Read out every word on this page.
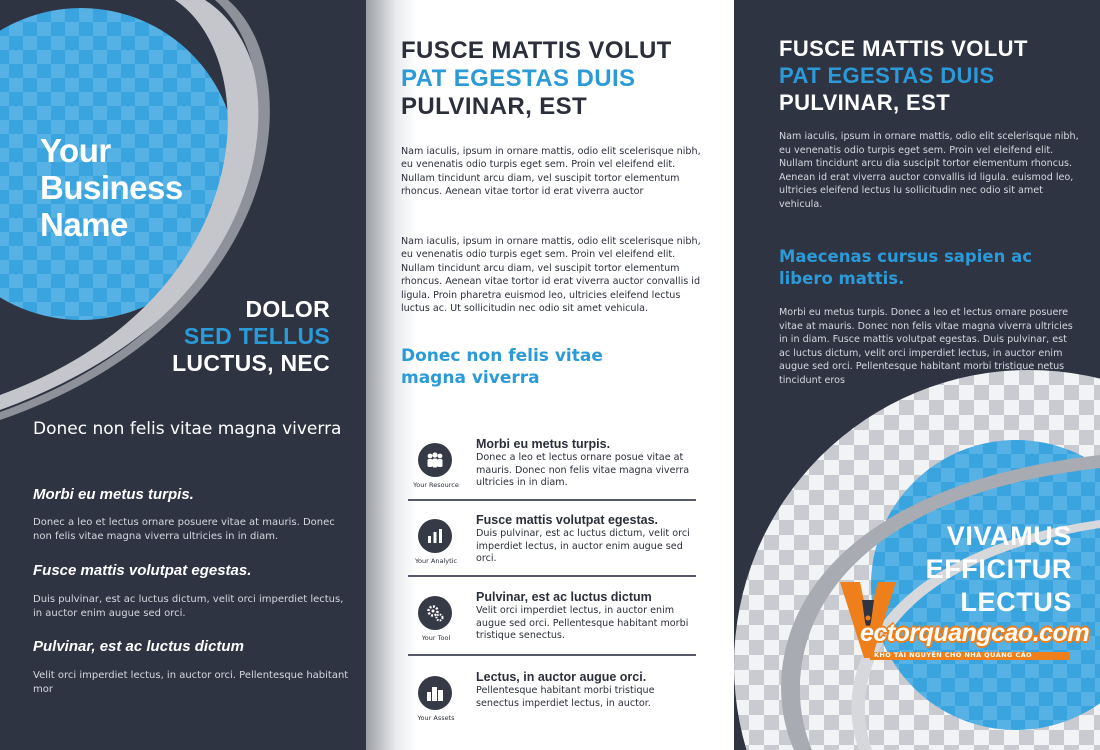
Your
Business
Name
DOLOR
SED TELLUS
LUCTUS, NEC
Donec non felis vitae magna viverra
Morbi eu metus turpis.
Donec a leo et lectus ornare posuere vitae at mauris. Donec non felis vitae magna viverra ultricies in in diam.
Fusce mattis volutpat egestas.
Duis pulvinar, est ac luctus dictum, velit orci imperdiet lectus, in auctor enim augue sed orci.
Pulvinar, est ac luctus dictum
Velit orci imperdiet lectus, in auctor orci. Pellentesque habitant mor
FUSCE MATTIS VOLUT
PAT EGESTAS DUIS
PULVINAR, EST
Nam iaculis, ipsum in ornare mattis, odio elit scelerisque nibh, eu venenatis odio turpis eget sem. Proin vel eleifend elit. Nullam tincidunt arcu diam, vel suscipit tortor elementum rhoncus. Aenean vitae tortor id erat viverra auctor
Nam iaculis, ipsum in ornare mattis, odio elit scelerisque nibh, eu venenatis odio turpis eget sem. Proin vel eleifend elit. Nullam tincidunt arcu diam, vel suscipit tortor elementum rhoncus. Aenean vitae tortor id erat viverra auctor convallis id ligula. Proin pharetra euismod leo, ultricies eleifend lectus luctus ac. Ut sollicitudin nec odio sit amet vehicula.
Donec non felis vitae magna viverra
Your Resource
Morbi eu metus turpis.
Donec a leo et lectus ornare posue vitae at mauris. Donec non felis vitae magna viverra ultricies in in diam.
Your Analytic
Fusce mattis volutpat egestas.
Duis pulvinar, est ac luctus dictum, velit orci imperdiet lectus, in auctor enim augue sed orci.
Your Tool
Pulvinar, est ac luctus dictum
Velit orci imperdiet lectus, in auctor enim augue sed orci. Pellentesque habitant morbi tristique senectus.
Your Assets
Lectus, in auctor augue orci.
Pellentesque habitant morbi tristique senectus imperdiet lectus, in auctor.
FUSCE MATTIS VOLUT
PAT EGESTAS DUIS
PULVINAR, EST
Nam iaculis, ipsum in ornare mattis, odio elit scelerisque nibh, eu venenatis odio turpis eget sem. Proin vel eleifend elit. Nullam tincidunt arcu dia suscipit tortor elementum rhoncus. Aenean id erat viverra auctor convallis id ligula. euismod leo, ultricies eleifend lectus lu sollicitudin nec odio sit amet vehicula.
Maecenas cursus sapien ac libero mattis.
Morbi eu metus turpis. Donec a leo et lectus ornare posuere vitae at mauris. Donec non felis vitae magna viverra ultricies in in diam. Fusce mattis volutpat egestas. Duis pulvinar, est ac luctus dictum, velit orci imperdiet lectus, in auctor enim augue sed orci. Pellentesque habitant morbi tristique netus tincidunt eros
VIVAMUS
EFFICITUR
LECTUS
ectorquangcao.com
KHO TÀI NGUYÊN CHO NHÀ QUẢNG CÁO
